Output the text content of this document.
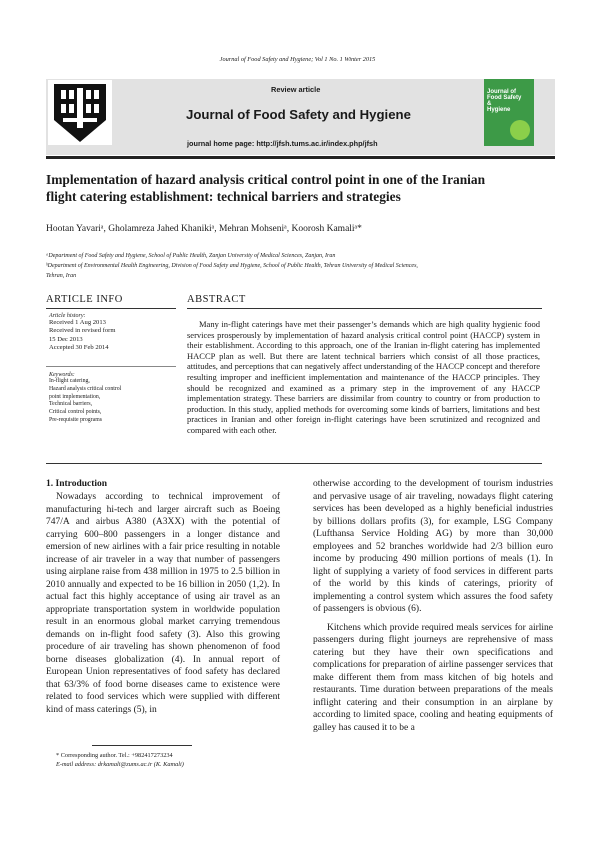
Journal of Food Safety and Hygiene; Vol 1 No. 1 Winter 2015
Review article
Journal of Food Safety and Hygiene
journal home page: http://jfsh.tums.ac.ir/index.php/jfsh
Journal of
Food Safety
&
Hygiene
Implementation of hazard analysis critical control point in one of the Iranian
flight catering establishment: technical barriers and strategies
Hootan Yavariᵃ, Gholamreza Jahed Khanikiᵃ, Mehran Mohseniᵃ, Koorosh Kamaliᵃ*
ᵃDepartment of Food Safety and Hygiene, School of Public Health, Zanjan University of Medical Sciences, Zanjan, Iran
ᵇDepartment of Environmental Health Engineering, Division of Food Safety and Hygiene, School of Public Health, Tehran University of Medical Sciences,
Tehran, Iran
ARTICLE INFO
Article history:
Received 1 Aug 2013
Received in revised form
15 Dec 2013
Accepted 30 Feb 2014
Keywords:
In-flight catering,
Hazard analysis critical control
point implementation,
Technical barriers,
Critical control points,
Pre-requisite programs
ABSTRACT
Many in-flight caterings have met their passenger’s demands which are high quality hygienic food services prosperously by implementation of hazard analysis critical control point (HACCP) system in their establishment. According to this approach, one of the Iranian in-flight catering has implemented HACCP plan as well. But there are latent technical barriers which consist of all those practices, attitudes, and perceptions that can negatively affect understanding of the HACCP concept and therefore resulting improper and inefficient implementation and maintenance of the HACCP principles. They should be recognized and examined as a primary step in the improvement of any HACCP implementation strategy. These barriers are dissimilar from country to country or from production to production. In this study, applied methods for overcoming some kinds of barriers, limitations and best practices in Iranian and other foreign in-flight caterings have been scrutinized and recognized and compared with each other.
1. Introduction

Nowadays according to technical improvement of manufacturing hi-tech and larger aircraft such as Boeing 747/A and airbus A380 (A3XX) with the potential of carrying 600–800 passengers in a longer distance and emersion of new airlines with a fair price resulting in notable increase of air traveler in a way that number of passengers using airplane raise from 438 million in 1975 to 2.5 billion in 2010 annually and expected to be 16 billion in 2050 (1,2). In actual fact this highly acceptance of using air travel as an appropriate transportation system in worldwide population result in an enormous global market carrying tremendous demands on in-flight food safety (3). Also this growing procedure of air traveling has shown phenomenon of food borne diseases globalization (4). In annual report of European Union representatives of food safety has declared that 63/3% of food borne diseases came to existence were related to food services which were supplied with different kind of mass caterings (5), in

* Corresponding author. Tel.: +982417273234
E-mail address: drkamali@zums.ac.ir (K. Kamali)

otherwise according to the development of tourism industries and pervasive usage of air traveling, nowadays flight catering services has been developed as a highly beneficial industries by billions dollars profits (3), for example, LSG Company (Lufthansa Service Holding AG) by more than 30,000 employees and 52 branches worldwide had 2/3 billion euro income by producing 490 million portions of meals (1). In light of supplying a variety of food services in different parts of the world by this kinds of caterings, priority of implementing a control system which assures the food safety of passengers is obvious (6).

Kitchens which provide required meals services for airline passengers during flight journeys are reprehensive of mass catering but they have their own specifications and complications for preparation of airline passenger services that make different them from mass kitchen of big hotels and restaurants. Time duration between preparations of the meals inflight catering and their consumption in an airplane by according to limited space, cooling and heating equipments of galley has caused it to be a
